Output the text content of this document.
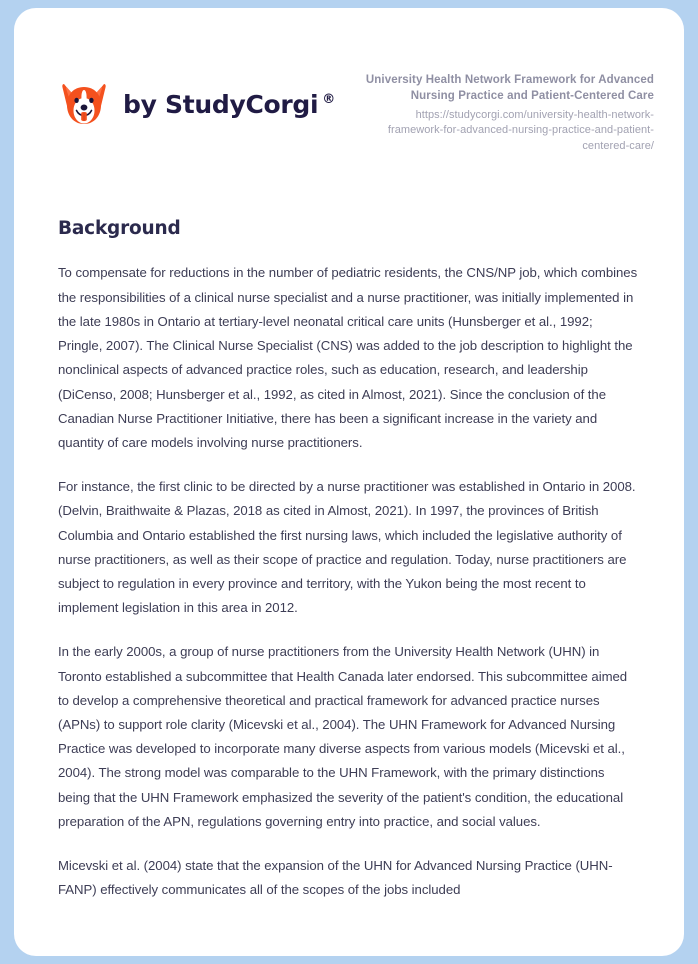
by StudyCorgi ®
University Health Network Framework for Advanced Nursing Practice and Patient-Centered Care
https://studycorgi.com/university-health-network-framework-for-advanced-nursing-practice-and-patient-centered-care/
Background

To compensate for reductions in the number of pediatric residents, the CNS/NP job, which combines the responsibilities of a clinical nurse specialist and a nurse practitioner, was initially implemented in the late 1980s in Ontario at tertiary-level neonatal critical care units (Hunsberger et al., 1992; Pringle, 2007). The Clinical Nurse Specialist (CNS) was added to the job description to highlight the nonclinical aspects of advanced practice roles, such as education, research, and leadership (DiCenso, 2008; Hunsberger et al., 1992, as cited in Almost, 2021). Since the conclusion of the Canadian Nurse Practitioner Initiative, there has been a significant increase in the variety and quantity of care models involving nurse practitioners.

For instance, the first clinic to be directed by a nurse practitioner was established in Ontario in 2008. (Delvin, Braithwaite & Plazas, 2018 as cited in Almost, 2021). In 1997, the provinces of British Columbia and Ontario established the first nursing laws, which included the legislative authority of nurse practitioners, as well as their scope of practice and regulation. Today, nurse practitioners are subject to regulation in every province and territory, with the Yukon being the most recent to implement legislation in this area in 2012.

In the early 2000s, a group of nurse practitioners from the University Health Network (UHN) in Toronto established a subcommittee that Health Canada later endorsed. This subcommittee aimed to develop a comprehensive theoretical and practical framework for advanced practice nurses (APNs) to support role clarity (Micevski et al., 2004). The UHN Framework for Advanced Nursing Practice was developed to incorporate many diverse aspects from various models (Micevski et al., 2004). The strong model was comparable to the UHN Framework, with the primary distinctions being that the UHN Framework emphasized the severity of the patient's condition, the educational preparation of the APN, regulations governing entry into practice, and social values.

Micevski et al. (2004) state that the expansion of the UHN for Advanced Nursing Practice (UHN-FANP) effectively communicates all of the scopes of the jobs included
